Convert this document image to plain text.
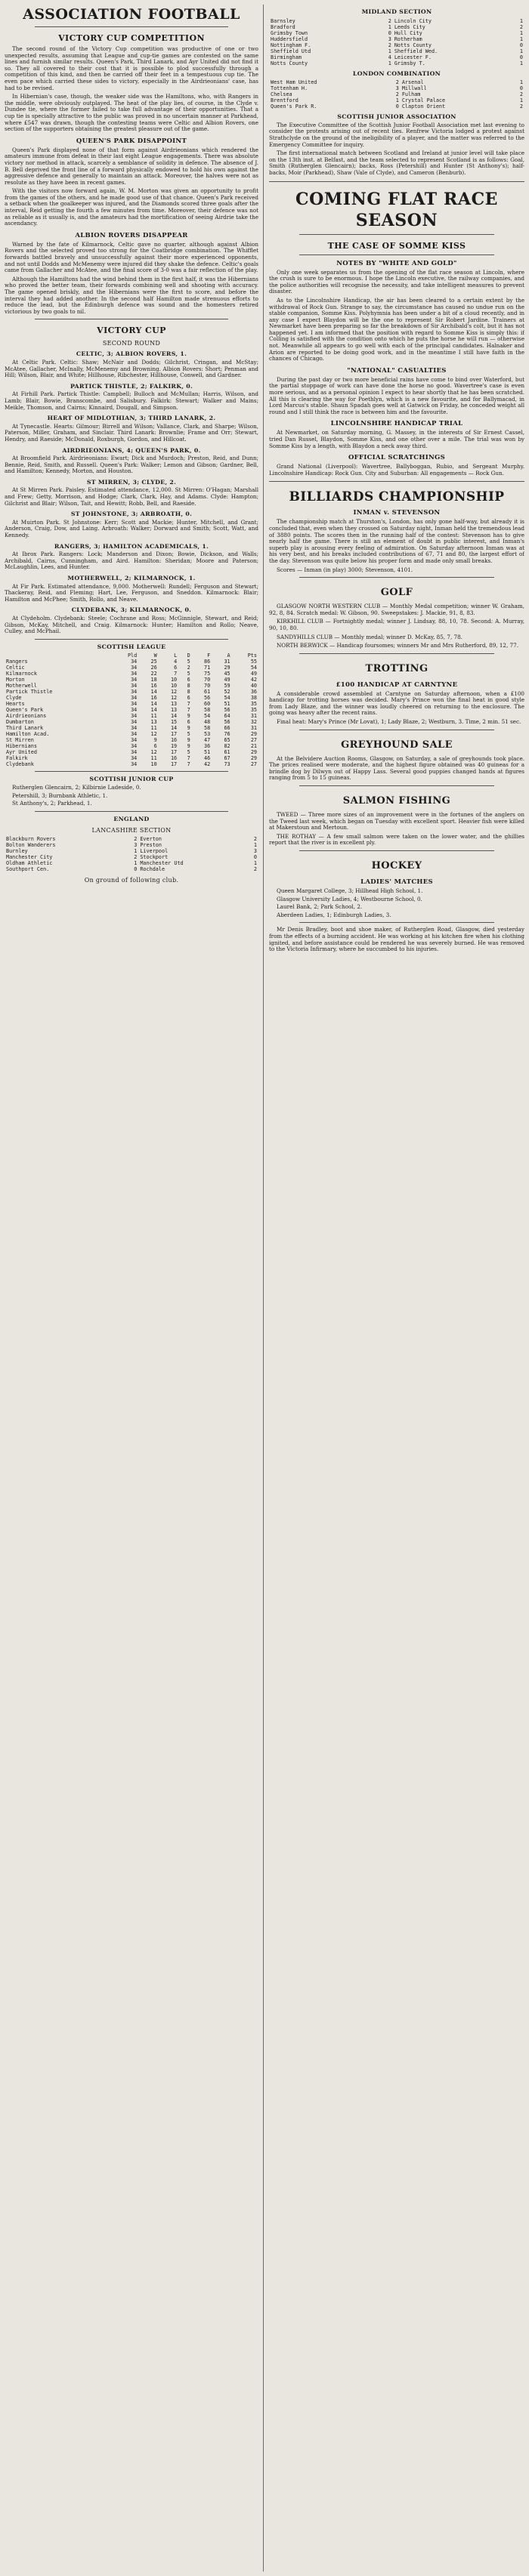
ASSOCIATION FOOTBALL
VICTORY CUP COMPETITION

The second round of the Victory Cup competition was productive of one or two unexpected results, assuming that League and cup-tie games are contested on the same lines and furnish similar results. Queen's Park, Third Lanark, and Ayr United did not find it so. They all covered to their cost that it is possible to plod successfully through a competition of this kind, and then be carried off their feet in a tempestuous cup tie. The even pace which carried these sides to victory, especially in the Airdrieonians' case, has had to be revised.

In Hibernian's case, though, the weaker side was the Hamiltons, who, with Rangers in the middle, were obviously outplayed. The heat of the play lies, of course, in the Clyde v. Dundee tie, where the former failed to take full advantage of their opportunities. That a cup tie is specially attractive to the public was proved in no uncertain manner at Parkhead, where £547 was drawn, though the contesting teams were Celtic and Albion Rovers, one section of the supporters obtaining the greatest pleasure out of the game.

QUEEN'S PARK DISAPPOINT

Queen's Park displayed none of that form against Airdrieonians which rendered the amateurs immune from defeat in their last eight League engagements. There was absolute victory nor method in attack, scarcely a semblance of solidity in defence. The absence of J. B. Bell deprived the front line of a forward physically endowed to hold his own against the aggressive defence and generally to maintain an attack. Moreover, the halves were not as resolute as they have been in recent games.

With the visitors now forward again, W. M. Morton was given an opportunity to profit from the games of the others, and he made good use of that chance. Queen's Park received a setback when the goalkeeper was injured, and the Diamonds scored three goals after the interval, Reid getting the fourth a few minutes from time. Moreover, their defence was not as reliable as it usually is, and the amateurs had the mortification of seeing Airdrie take the ascendancy.

ALBION ROVERS DISAPPEAR

Warned by the fate of Kilmarnock, Celtic gave no quarter, although against Albion Rovers and the selected proved too strong for the Coatbridge combination. The Whifflet forwards battled bravely and unsuccessfully against their more experienced opponents, and not until Dodds and McMenemy were injured did they shake the defence. Celtic's goals came from Gallacher and McAtee, and the final score of 3-0 was a fair reflection of the play.

Although the Hamiltons had the wind behind them in the first half, it was the Hibernians who proved the better team, their forwards combining well and shooting with accuracy. The game opened briskly, and the Hibernians were the first to score, and before the interval they had added another. In the second half Hamilton made strenuous efforts to reduce the lead, but the Edinburgh defence was sound and the homesters retired victorious by two goals to nil.

VICTORY CUP
SECOND ROUND
CELTIC, 3; ALBION ROVERS, 1.

At Celtic Park. Celtic: Shaw; McNair and Dodds; Gilchrist, Cringan, and McStay; McAtee, Gallacher, McInally, McMenemy and Browning. Albion Rovers: Short; Penman and Hill; Wilson, Blair, and White; Hillhouse, Ribchester, Hillhouse, Conwell, and Gardner.

PARTICK THISTLE, 2; FALKIRK, 0.

At Firhill Park. Partick Thistle: Campbell; Bulloch and McMullan; Harris, Wilson, and Lamb; Blair, Bowie, Branscombe, and Salisbury. Falkirk: Stewart; Walker and Mains; Meikle, Thomson, and Cairns; Kinnaird, Dougall, and Simpson.

HEART OF MIDLOTHIAN, 3; THIRD LANARK, 2.

At Tynecastle. Hearts: Gilmour; Birrell and Wilson; Vallance, Clark, and Sharpe; Wilson, Paterson, Miller, Graham, and Sinclair. Third Lanark: Brownlie; Frame and Orr; Stewart, Hendry, and Raeside; McDonald, Roxburgh, Gordon, and Hillcoat.

AIRDRIEONIANS, 4; QUEEN'S PARK, 0.

At Broomfield Park. Airdrieonians: Ewart; Dick and Murdoch; Preston, Reid, and Dunn; Bennie, Reid, Smith, and Russell. Queen's Park: Walker; Lemon and Gibson; Gardner, Bell, and Hamilton; Kennedy, Morton, and Houston.

ST MIRREN, 3; CLYDE, 2.

At St Mirren Park. Paisley. Estimated attendance, 12,000. St Mirren: O'Hagan; Marshall and Frew; Getty, Morrison, and Hodge; Clark, Clark, Hay, and Adams. Clyde: Hampton; Gilchrist and Blair; Wilson, Tait, and Hewitt; Robb, Bell, and Raeside.

ST JOHNSTONE, 3; ARBROATH, 0.

At Muirton Park. St Johnstone: Kerr; Scott and Mackie; Hunter, Mitchell, and Grant; Anderson, Craig, Dow, and Laing. Arbroath: Walker; Dorward and Smith; Scott, Watt, and Kennedy.

RANGERS, 3; HAMILTON ACADEMICALS, 1.

At Ibrox Park. Rangers: Lock; Manderson and Dixon; Bowie, Dickson, and Walls; Archibald, Cairns, Cunningham, and Aird. Hamilton: Sheridan; Moore and Paterson; McLaughlin, Lees, and Hunter.

MOTHERWELL, 2; KILMARNOCK, 1.

At Fir Park. Estimated attendance, 9,000. Motherwell: Rundell; Ferguson and Stewart; Thackeray, Reid, and Fleming; Hart, Lee, Ferguson, and Sneddon. Kilmarnock: Blair; Hamilton and McPhee; Smith, Rollo, and Neave.

CLYDEBANK, 3; KILMARNOCK, 0.

At Clydeholm. Clydebank: Steele; Cochrane and Ross; McGinnigle, Stewart, and Reid; Gibson, McKay, Mitchell, and Craig. Kilmarnock: Hunter; Hamilton and Rollo; Neave, Culley, and McPhail.

SCOTTISH LEAGUE
	Pld	W	L	D	F	A	Pts
Rangers	34	25	4	5	86	31	55
Celtic	34	26	6	2	71	29	54
Kilmarnock	34	22	7	5	75	45	49
Morton	34	18	10	6	70	49	42
Motherwell	34	16	10	8	70	59	40
Partick Thistle	34	14	12	8	61	52	36
Clyde	34	16	12	6	56	54	38
Hearts	34	14	13	7	60	51	35
Queen's Park	34	14	13	7	58	56	35
Airdrieonians	34	11	14	9	54	64	31
Dumbarton	34	13	15	6	48	56	32
Third Lanark	34	11	14	9	58	66	31
Hamilton Acad.	34	12	17	5	53	76	29
St Mirren	34	9	16	9	47	65	27
Hibernians	34	6	19	9	36	82	21
Ayr United	34	12	17	5	51	61	29
Falkirk	34	11	16	7	46	67	29
Clydebank	34	10	17	7	42	73	27
SCOTTISH JUNIOR CUP

Rutherglen Glencairn, 2; Kilbirnie Ladeside, 0.

Petershill, 3; Burnbank Athletic, 1.

St Anthony's, 2; Parkhead, 1.

ENGLAND
LANCASHIRE SECTION
Blackburn Rovers	2	Everton	2
Bolton Wanderers	3	Preston	1
Burnley	1	Liverpool	3
Manchester City	2	Stockport	0
Oldham Athletic	1	Manchester Utd	1
Southport Cen.	0	Rochdale	2
On ground of following club.
MIDLAND SECTION
Barnsley	2	Lincoln City	1
Bradford	1	Leeds City	2
Grimsby Town	0	Hull City	1
Huddersfield	3	Rotherham	1
Nottingham F.	2	Notts County	0
Sheffield Utd	1	Sheffield Wed.	1
Birmingham	4	Leicester F.	0
Notts County	1	Grimsby T.	1
LONDON COMBINATION
West Ham United	2	Arsenal	1
Tottenham H.	3	Millwall	0
Chelsea	2	Fulham	2
Brentford	1	Crystal Palace	1
Queen's Park R.	0	Clapton Orient	2
SCOTTISH JUNIOR ASSOCIATION

The Executive Committee of the Scottish Junior Football Association met last evening to consider the protests arising out of recent ties. Renfrew Victoria lodged a protest against Strathclyde on the ground of the ineligibility of a player, and the matter was referred to the Emergency Committee for inquiry.

The first international match between Scotland and Ireland at junior level will take place on the 13th inst. at Belfast, and the team selected to represent Scotland is as follows: Goal, Smith (Rutherglen Glencairn); backs, Ross (Petershill) and Hunter (St Anthony's); half-backs, Moir (Parkhead), Shaw (Vale of Clyde), and Cameron (Benburb).

COMING FLAT RACE
SEASON
THE CASE OF SOMME KISS
NOTES BY "WHITE AND GOLD"

Only one week separates us from the opening of the flat race season at Lincoln, where the crush is sure to be enormous. I hope the Lincoln executive, the railway companies, and the police authorities will recognise the necessity, and take intelligent measures to prevent disaster.

As to the Lincolnshire Handicap, the air has been cleared to a certain extent by the withdrawal of Rock Gun. Strange to say, the circumstance has caused no undue run on the stable companion, Somme Kiss. Polyhymnia has been under a bit of a cloud recently, and in any case I expect Blaydon will be the one to represent Sir Robert Jardine. Trainers at Newmarket have been preparing so far the breakdown of Sir Archibald's colt, but it has not happened yet. I am informed that the position with regard to Somme Kiss is simply this: if Colling is satisfied with the condition onto which he puts the horse he will run — otherwise not. Meanwhile all appears to go well with each of the principal candidates. Halnaker and Arion are reported to be doing good work, and in the meantime I still have faith in the chances of Chicago.

"NATIONAL" CASUALTIES

During the past day or two more beneficial rains have come to bind over Waterford, but the partial stoppage of work can have done the horse no good. Wavertree's case is even more serious, and as a personal opinion I expect to hear shortly that he has been scratched. All this is clearing the way for Poethlyn, which is a new favourite, and for Ballymacad, in Lord Marcus's stable. Shaun Spadah goes well at Gatwick on Friday, he conceded weight all round and I still think the race is between him and the favourite.

LINCOLNSHIRE HANDICAP TRIAL

At Newmarket, on Saturday morning, G. Massey, in the interests of Sir Ernest Cassel, tried Dan Russel, Blaydon, Somme Kiss, and one other over a mile. The trial was won by Somme Kiss by a length, with Blaydon a neck away third.

OFFICIAL SCRATCHINGS

Grand National (Liverpool): Wavertree, Ballyboggan, Rubio, and Sergeant Murphy. Lincolnshire Handicap: Rock Gun. City and Suburban: All engagements — Rock Gun.

BILLIARDS CHAMPIONSHIP
INMAN v. STEVENSON

The championship match at Thurston's, London, has only gone half-way, but already it is concluded that, even when they crossed on Saturday night, Inman held the tremendous lead of 3880 points. The scores then in the running half of the contest: Stevenson has to give nearly half the game. There is still an element of doubt in public interest, and Inman's superb play is arousing every feeling of admiration. On Saturday afternoon Inman was at his very best, and his breaks included contributions of 67, 71 and 80, the largest effort of the day. Stevenson was quite below his proper form and made only small breaks.

Scores — Inman (in play) 3000; Stevenson, 4101.

GOLF

GLASGOW NORTH WESTERN CLUB — Monthly Medal competition; winner W. Graham, 92, 8, 84. Scratch medal: W. Gibson, 90. Sweepstakes: J. Mackie, 91, 8, 83.

KIRKHILL CLUB — Fortnightly medal; winner J. Lindsay, 88, 10, 78. Second: A. Murray, 90, 10, 80.

SANDYHILLS CLUB — Monthly medal; winner D. McKay, 85, 7, 78.

NORTH BERWICK — Handicap foursomes; winners Mr and Mrs Rutherford, 89, 12, 77.

TROTTING
£100 HANDICAP AT CARNTYNE

A considerable crowd assembled at Carntyne on Saturday afternoon, when a £100 handicap for trotting horses was decided. Mary's Prince won the final heat in good style from Lady Blaze, and the winner was loudly cheered on returning to the enclosure. The going was heavy after the recent rains.

Final heat: Mary's Prince (Mr Lovat), 1; Lady Blaze, 2; Westburn, 3. Time, 2 min. 51 sec.

GREYHOUND SALE

At the Belvidere Auction Rooms, Glasgow, on Saturday, a sale of greyhounds took place. The prices realised were moderate, and the highest figure obtained was 40 guineas for a brindle dog by Dilwyn out of Happy Lass. Several good puppies changed hands at figures ranging from 5 to 15 guineas.

SALMON FISHING

TWEED — Three more sizes of an improvement were in the fortunes of the anglers on the Tweed last week, which began on Tuesday with excellent sport. Heavier fish were killed at Makerstoun and Mertoun.

THE ROTHAY — A few small salmon were taken on the lower water, and the ghillies report that the river is in excellent ply.

HOCKEY
LADIES' MATCHES

Queen Margaret College, 3; Hillhead High School, 1.

Glasgow University Ladies, 4; Westbourne School, 0.

Laurel Bank, 2; Park School, 2.

Aberdeen Ladies, 1; Edinburgh Ladies, 3.

Mr Denis Bradley, boot and shoe maker, of Rutherglen Road, Glasgow, died yesterday from the effects of a burning accident. He was working at his kitchen fire when his clothing ignited, and before assistance could be rendered he was severely burned. He was removed to the Victoria Infirmary, where he succumbed to his injuries.
